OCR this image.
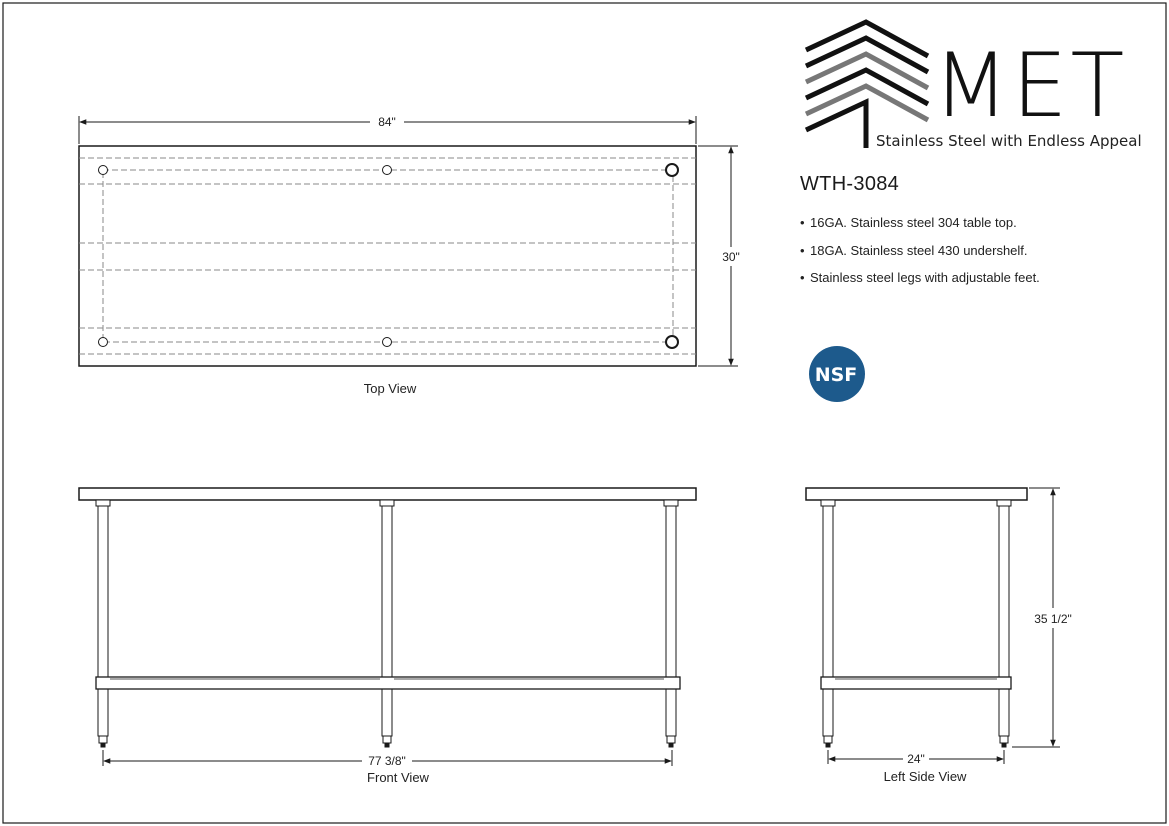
84"
30"
Top View
77 3/8"
Front View
24"
35 1/2"
Left Side View
MET
Stainless Steel with Endless Appeal
NSF
WTH-3084
• 16GA. Stainless steel 304 table top.
• 18GA. Stainless steel 430 undershelf.
• Stainless steel legs with adjustable feet.
